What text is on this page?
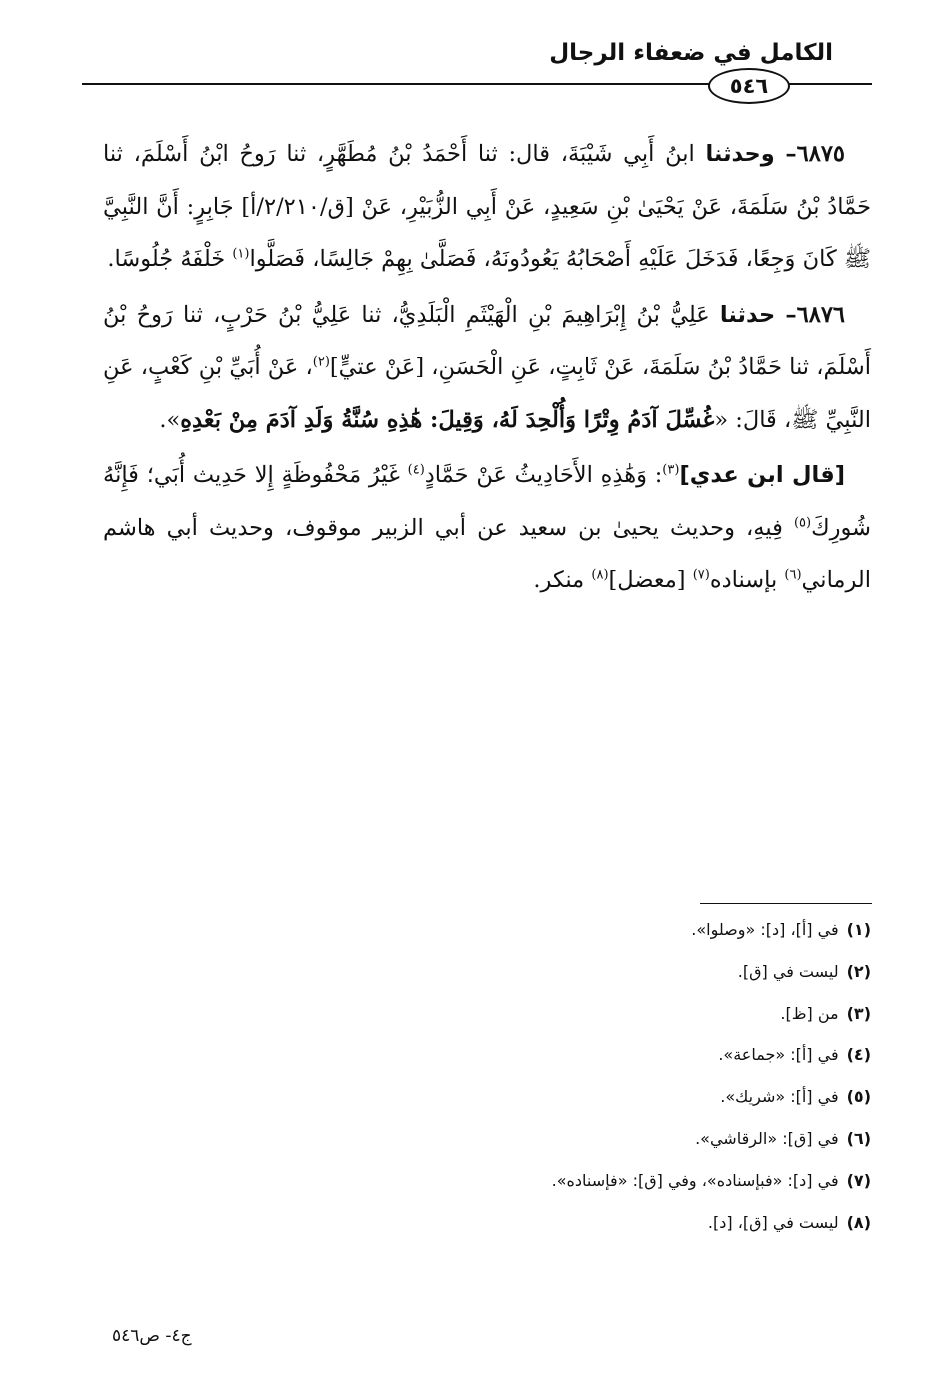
الكامل في ضعفاء الرجال
٥٤٦

٦٨٧٥– وحدثنا ابنُ أَبِي شَيْبَةَ، قال: ثنا أَحْمَدُ بْنُ مُطَهَّرٍ، ثنا رَوحُ ابْنُ أَسْلَمَ، ثنا حَمَّادُ بْنُ سَلَمَةَ، عَنْ يَحْيَىٰ بْنِ سَعِيدٍ، عَنْ أَبِي الزُّبَيْرِ، عَنْ [ق/٢/٢١٠/أ] جَابِرٍ: أَنَّ النَّبِيَّ ﷺ كَانَ وَجِعًا، فَدَخَلَ عَلَيْهِ أَصْحَابُهُ يَعُودُونَهُ، فَصَلَّىٰ بِهِمْ جَالِسًا، فَصَلَّوا$^{(١)}$ خَلْفَهُ جُلُوسًا.

٦٨٧٦– حدثنا عَلِيُّ بْنُ إِبْرَاهِيمَ بْنِ الْهَيْثَمِ الْبَلَدِيُّ، ثنا عَلِيُّ بْنُ حَرْبٍ، ثنا رَوحُ بْنُ أَسْلَمَ، ثنا حَمَّادُ بْنُ سَلَمَةَ، عَنْ ثَابِتٍ، عَنِ الْحَسَنِ، [عَنْ عتيٍّ]$^{(٢)}$، عَنْ أُبَيِّ بْنِ كَعْبٍ، عَنِ النَّبِيِّ ﷺ، قَالَ: «غُسِّلَ آدَمُ وِتْرًا وَأُلْحِدَ لَهُ، وَقِيلَ: هَٰذِهِ سُنَّةُ وَلَدِ آدَمَ مِنْ بَعْدِهِ».

[قال ابن عدي]$^{(٣)}$: وَهَٰذِهِ الأَحَادِيثُ عَنْ حَمَّادٍ$^{(٤)}$ غَيْرُ مَحْفُوظَةٍ إِلا حَدِيث أُبَي؛ فَإِنَّهُ شُورِكَ$^{(٥)}$ فِيهِ، وحديث يحيىٰ بن سعيد عن أبي الزبير موقوف، وحديث أبي هاشم الرماني$^{(٦)}$ بإسناده$^{(٧)}$ [معضل]$^{(٨)}$ منكر.

(١)في [أ]، [د]: «وصلوا».
(٢)ليست في [ق].
(٣)من [ظ].
(٤)في [أ]: «جماعة».
(٥)في [أ]: «شريك».
(٦)في [ق]: «الرقاشي».
(٧)في [د]: «فبإسناده»، وفي [ق]: «فإسناده».
(٨)ليست في [ق]، [د].
ج٤- ص٥٤٦
